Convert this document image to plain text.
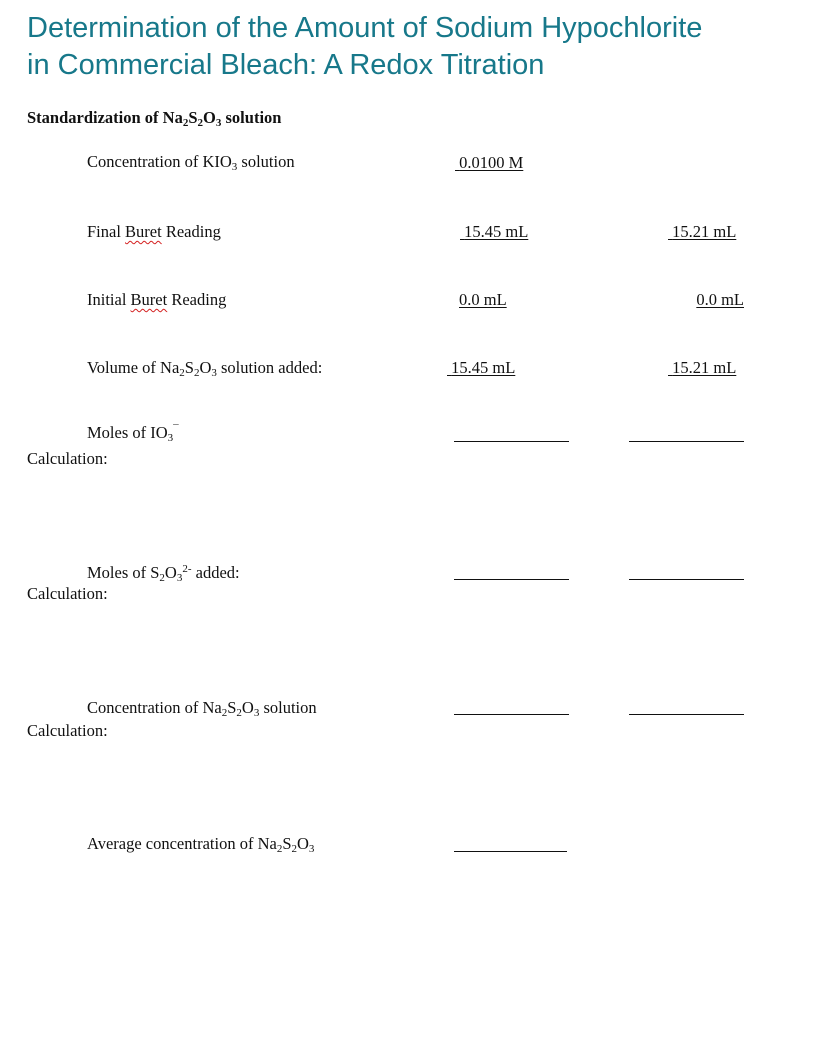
Determination of the Amount of Sodium Hypochlorite
in Commercial Bleach: A Redox Titration
Standardization of $Na_2S_2O_3$ solution
Concentration of $KIO_3$ solution	0.0100 M
Final Buret Reading	15.45 mL	15.21 mL
Initial Buret Reading	0.0 mL	0.0 mL
Volume of $Na_2S_2O_3$ solution added:	15.45 mL	15.21 mL
Moles of $IO_3^¯$
Calculation:
Moles of $S_2O_3^{2-}$ added:
Calculation:
Concentration of $Na_2S_2O_3$ solution
Calculation:
Average concentration of $Na_2S_2O_3$
